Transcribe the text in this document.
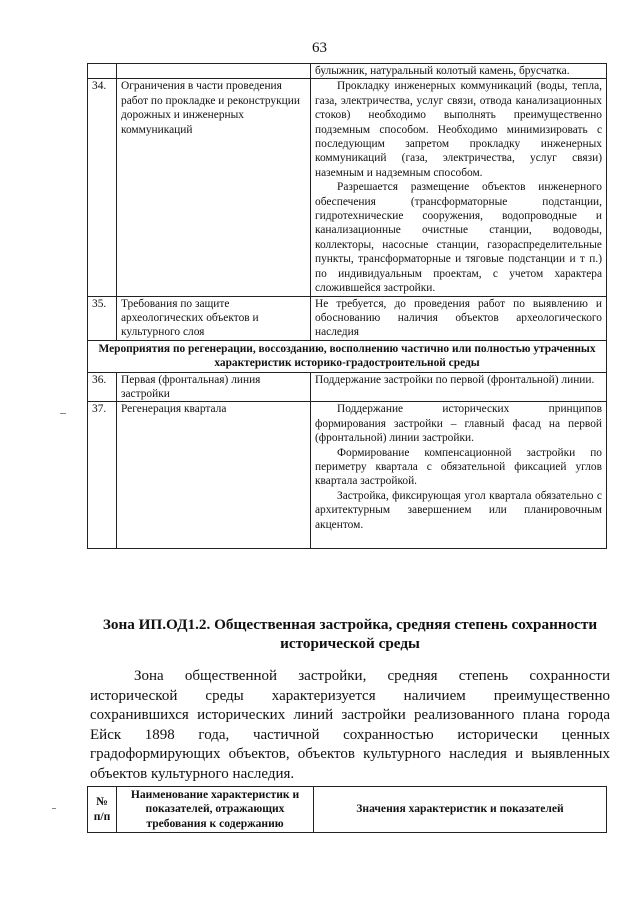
63

		булыжник, натуральный колотый камень, брусчатка.

34.	Ограничения в части проведения работ по прокладке и реконструкции дорожных и инженерных коммуникаций	Прокладку инженерных коммуникаций (воды, тепла, газа, электричества, услуг связи, отвода канализационных стоков) необходимо выполнять преимущественно подземным способом. Необходимо минимизировать с последующим запретом прокладку инженерных коммуникаций (газа, электричества, услуг связи) наземным и надземным способом.

Разрешается размещение объектов инженерного обеспечения (трансформаторные подстанции, гидротехнические сооружения, водопроводные и канализационные очистные станции, водоводы, коллекторы, насосные станции, газораспределительные пункты, трансформаторные и тяговые подстанции и т п.) по индивидуальным проектам, с учетом характера сложившейся застройки.

35.	Требования по защите археологических объектов и культурного слоя	Не требуется, до проведения работ по выявлению и обоснованию наличия объектов археологического наследия

Мероприятия по регенерации, воссозданию, восполнению частично или полностью утраченных характеристик историко-градостроительной среды		
36.	Первая (фронтальная) линия застройки	Поддержание застройки по первой (фронтальной) линии.

37.	Регенерация квартала	Поддержание исторических принципов формирования застройки – главный фасад на первой (фронтальной) линии застройки.

Формирование компенсационной застройки по периметру квартала с обязательной фиксацией углов квартала застройкой.

Застройка, фиксирующая угол квартала обязательно с архитектурным завершением или планировочным акцентом.

Зона ИП.ОД1.2. Общественная застройка, средняя степень сохранности исторической среды

Зона общественной застройки, средняя степень сохранности исторической среды характеризуется наличием преимущественно сохранившихся исторических линий застройки реализованного плана города Ейск 1898 года, частичной сохранностью исторически ценных градоформирующих объектов, объектов культурного наследия и выявленных объектов культурного наследия.

№ п/п	Наименование характеристик и показателей, отражающих требования к содержанию	Значения характеристик и показателей
